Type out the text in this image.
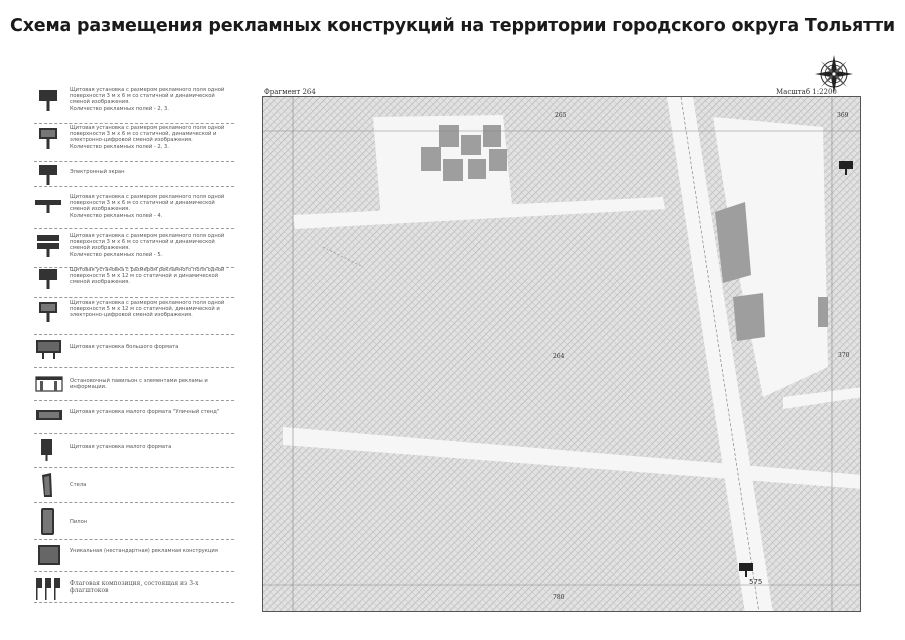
Схема размещения рекламных конструкций на территории городского округа Тольятти
Щитовая установка с размером рекламного поля одной поверхности 3 м х 6 м со статичной и динамической сменой изображения.
Количество рекламных полей - 2, 3.
Щитовая установка с размером рекламного поля одной поверхности 3 м х 6 м со статичной, динамической и электронно-цифровой сменой изображения.
Количество рекламных полей - 2, 3.
Электронный экран
Щитовая установка с размером рекламного поля одной поверхности 3 м х 6 м со статичной и динамической сменой изображения.
Количество рекламных полей - 4.
Щитовая установка с размером рекламного поля одной поверхности 3 м х 6 м со статичной и динамической сменой изображения.
Количество рекламных полей - 5.
Щитовая установка с размером рекламного поля одной поверхности 5 м х 12 м со статичной и динамической сменой изображения.
Щитовая установка с размером рекламного поля одной поверхности 5 м х 12 м со статичной, динамической и электронно-цифровой сменой изображения.
Щитовая установка большого формата
Остановочный павильон с элементами рекламы и информации.
Щитовая установка малого формата "Уличный стенд"
Щитовая установка малого формата
Стела
Пилон
Уникальная (нестандартная) рекламная конструкция
Флаговая композиция, состоящая из 3-х флагштоков
Фрагмент 264	Масштаб 1:2200
265	369
370
264
780
575
